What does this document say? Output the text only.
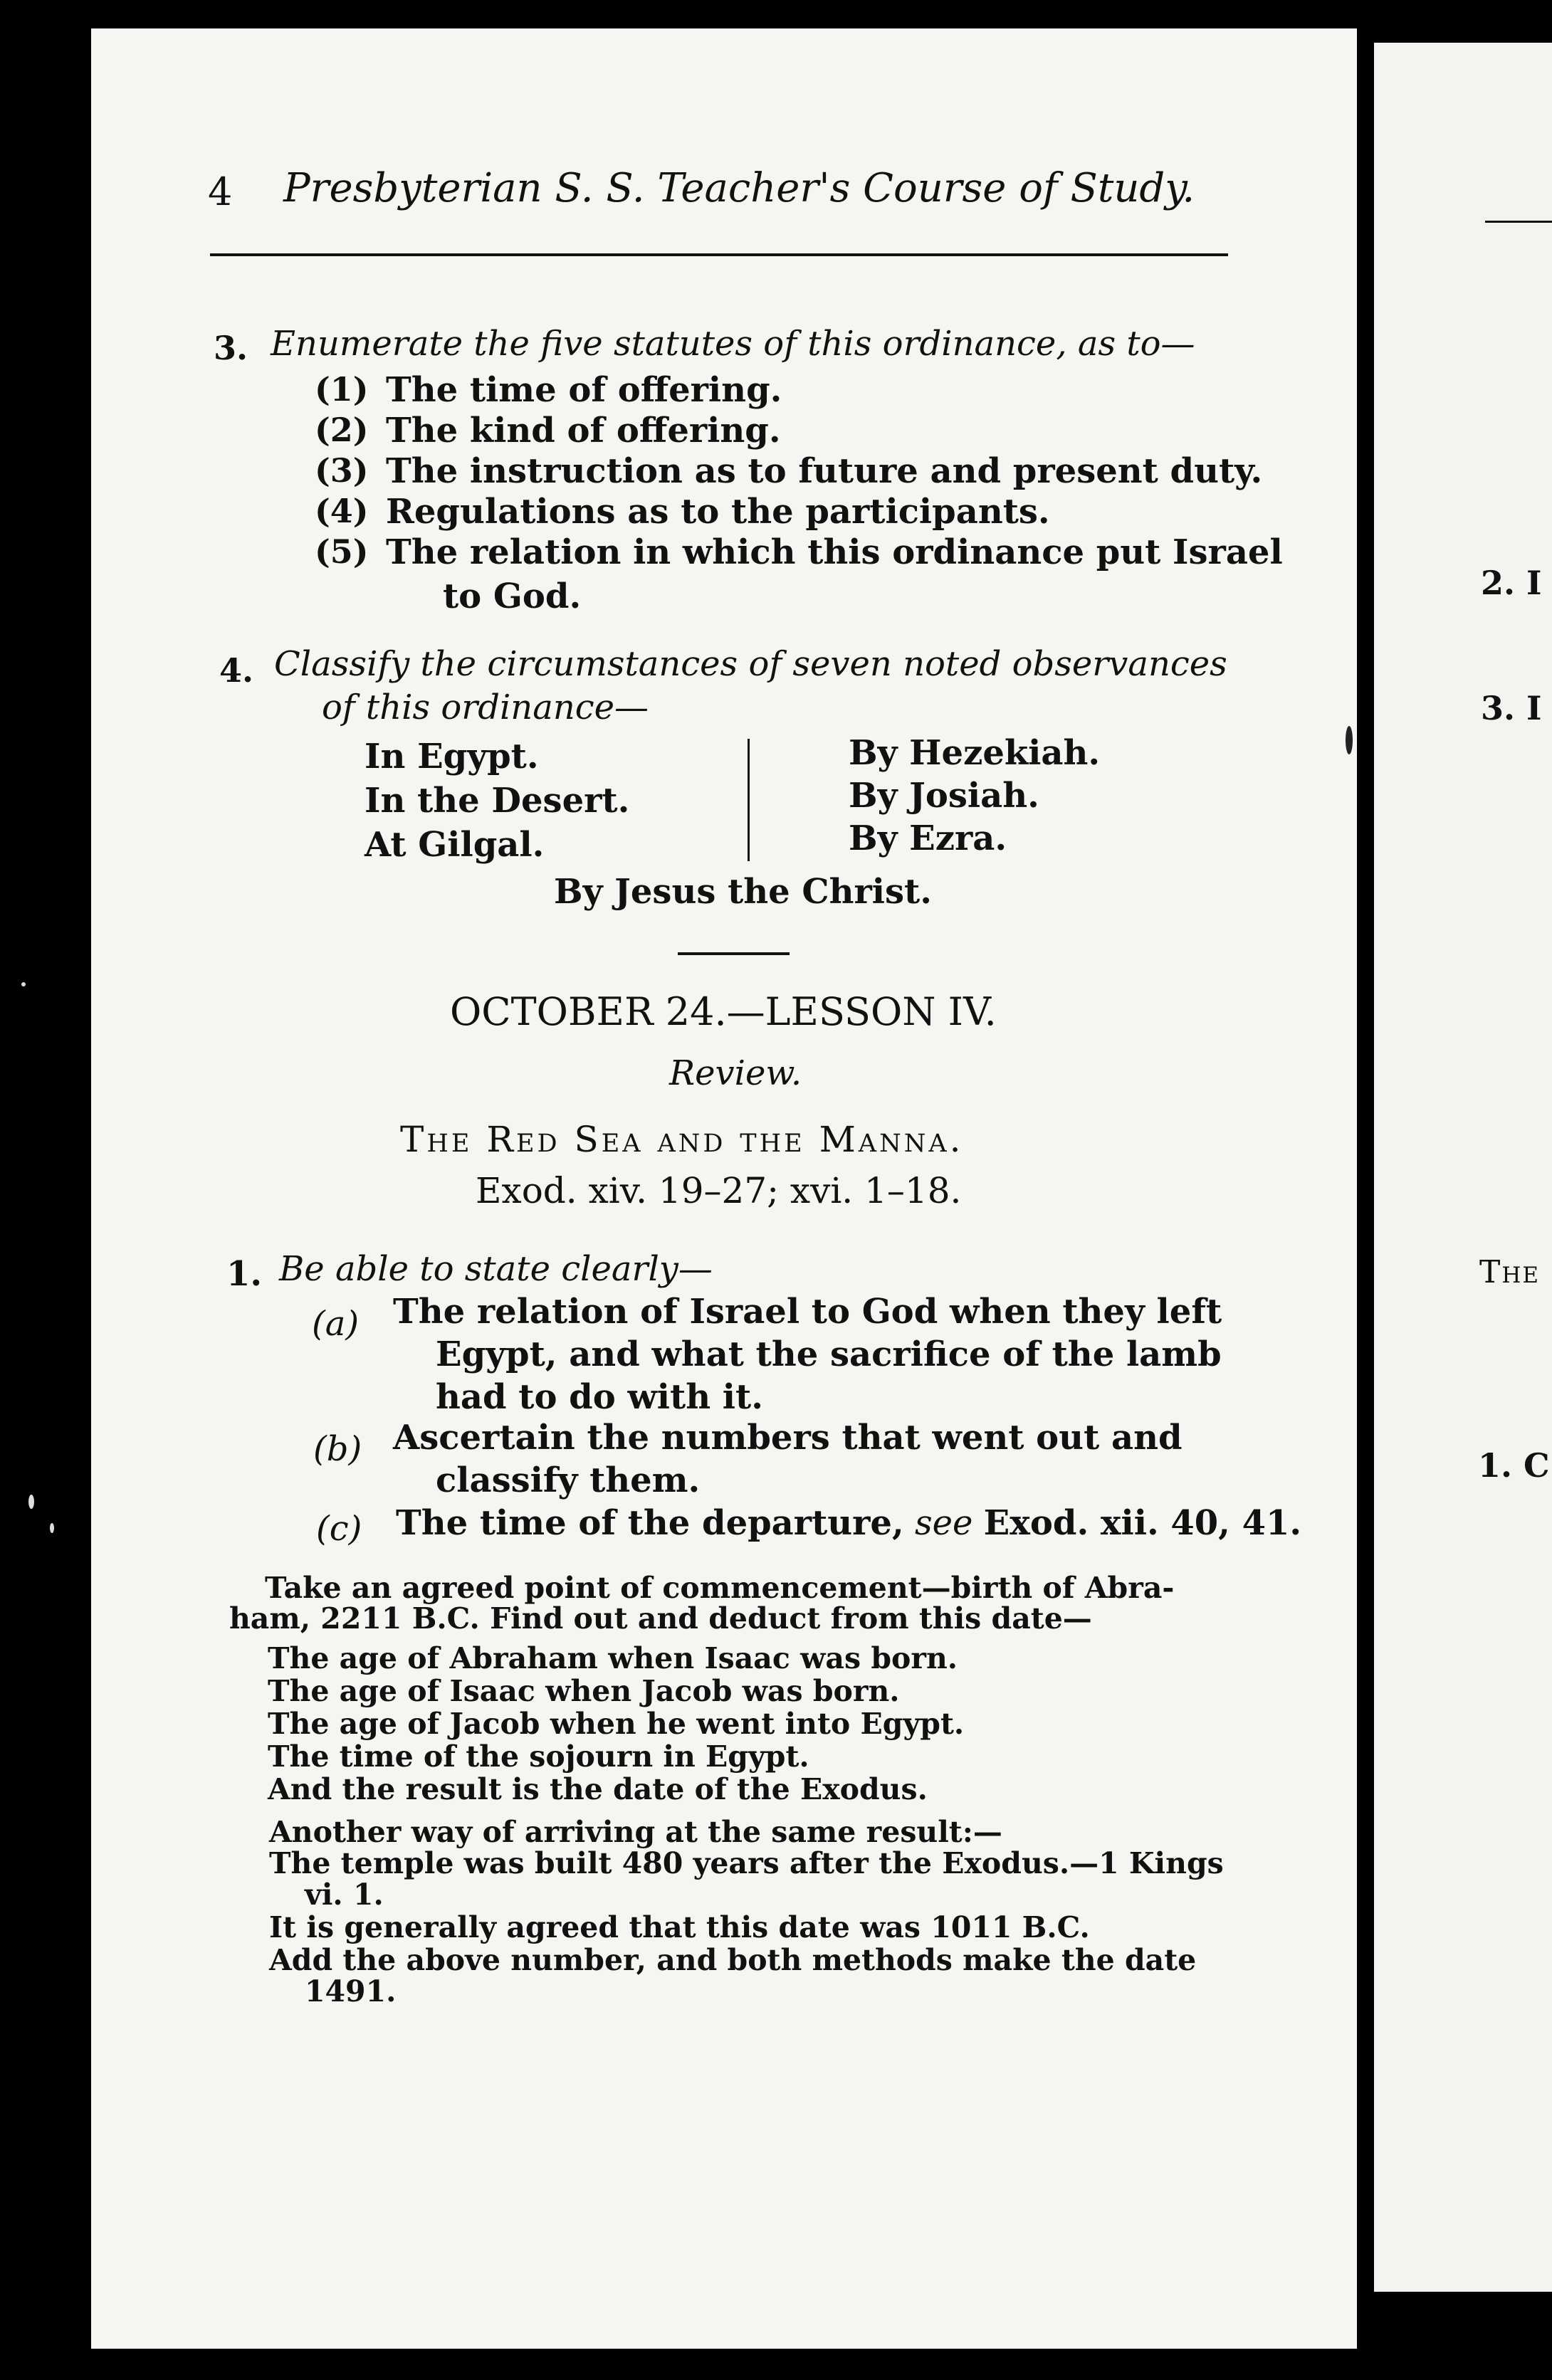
4 Presbyterian S. S. Teacher's Course of Study.
3. Enumerate the five statutes of this ordinance, as to—
(1) The time of offering.
(2) The kind of offering.
(3) The instruction as to future and present duty.
(4) Regulations as to the participants.
(5) The relation in which this ordinance put Israel
to God.
4. Classify the circumstances of seven noted observances
of this ordinance—
In Egypt.
In the Desert.
At Gilgal.
By Hezekiah.
By Josiah.
By Ezra.
By Jesus the Christ.
OCTOBER 24.—LESSON IV.
Review.
The Red Sea and the Manna.
Exod. xiv. 19–27; xvi. 1–18.
1. Be able to state clearly—
(a) The relation of Israel to God when they left
Egypt, and what the sacrifice of the lamb
had to do with it.
(b) Ascertain the numbers that went out and
classify them.
(c) The time of the departure, see Exod. xii. 40, 41.
Take an agreed point of commencement—birth of Abra-
ham, 2211 B.C. Find out and deduct from this date—
The age of Abraham when Isaac was born.
The age of Isaac when Jacob was born.
The age of Jacob when he went into Egypt.
The time of the sojourn in Egypt.
And the result is the date of the Exodus.
Another way of arriving at the same result:—
The temple was built 480 years after the Exodus.—1 Kings
vi. 1.
It is generally agreed that this date was 1011 B.C.
Add the above number, and both methods make the date
1491.
2. I
3. I
The
1. C
